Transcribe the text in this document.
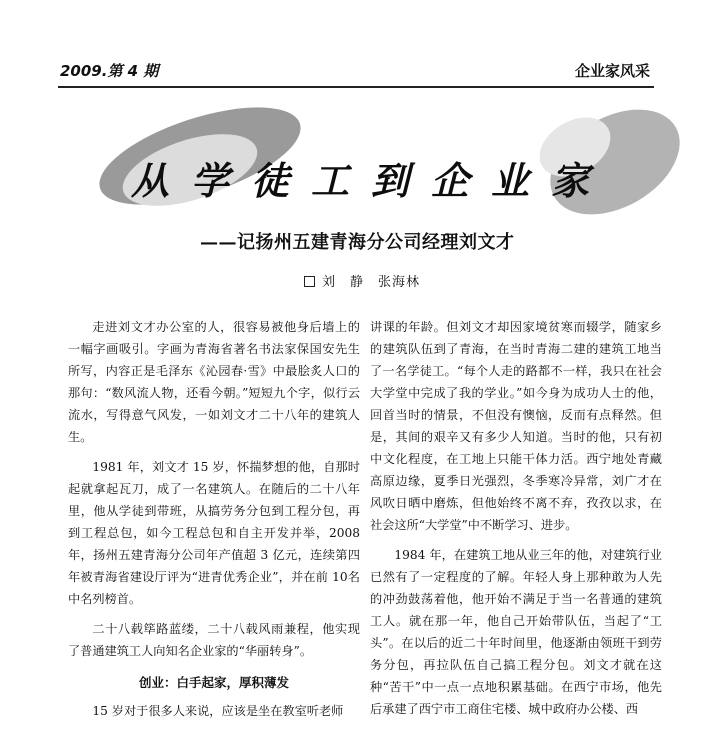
2009.第 4 期	企业家风采
从学徒工到企业家
——记扬州五建青海分公司经理刘文才
刘　静　张海林

走进刘文才办公室的人，很容易被他身后墙上的一幅字画吸引。字画为青海省著名书法家保国安先生所写，内容正是毛泽东《沁园春·雪》中最脍炙人口的那句：“数风流人物，还看今朝。”短短九个字，似行云流水，写得意气风发，一如刘文才二十八年的建筑人生。

1981 年，刘文才 15 岁，怀揣梦想的他，自那时起就拿起瓦刀，成了一名建筑人。在随后的二十八年里，他从学徒到带班，从搞劳务分包到工程分包，再到工程总包，如今工程总包和自主开发并举，2008年，扬州五建青海分公司年产值超 3 亿元，连续第四年被青海省建设厅评为“进青优秀企业”，并在前 10名中名列榜首。

二十八载筚路蓝缕，二十八载风雨兼程，他实现了普通建筑工人向知名企业家的“华丽转身”。

创业：白手起家，厚积薄发

15 岁对于很多人来说，应该是坐在教室听老师

讲课的年龄。但刘文才却因家境贫寒而辍学，随家乡的建筑队伍到了青海，在当时青海二建的建筑工地当了一名学徒工。“每个人走的路都不一样，我只在社会大学堂中完成了我的学业。”如今身为成功人士的他，回首当时的情景，不但没有懊恼，反而有点释然。但是，其间的艰辛又有多少人知道。当时的他，只有初中文化程度，在工地上只能干体力活。西宁地处青藏高原边缘，夏季日光强烈，冬季寒冷异常，刘广才在风吹日晒中磨炼，但他始终不离不弃，孜孜以求，在社会这所“大学堂”中不断学习、进步。

1984 年，在建筑工地从业三年的他，对建筑行业已然有了一定程度的了解。年轻人身上那种敢为人先的冲劲鼓荡着他，他开始不满足于当一名普通的建筑工人。就在那一年，他自己开始带队伍，当起了“工头”。在以后的近二十年时间里，他逐渐由领班干到劳务分包，再拉队伍自己搞工程分包。刘文才就在这种“苦干”中一点一点地积累基础。在西宁市场，他先后承建了西宁市工商住宅楼、城中政府办公楼、西
